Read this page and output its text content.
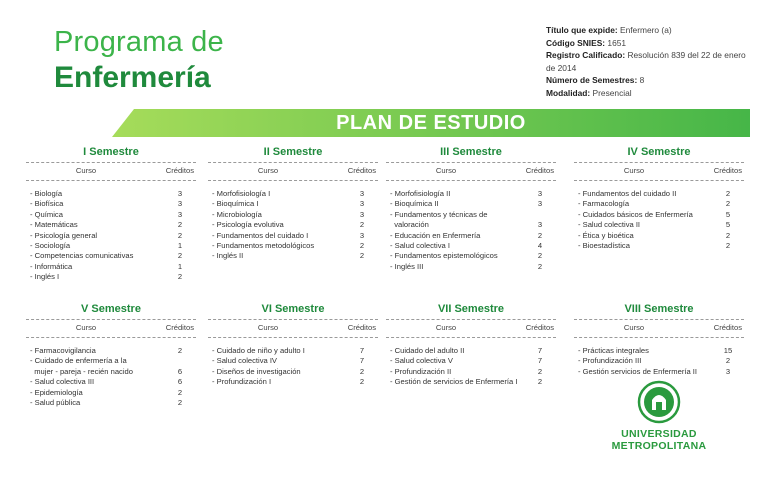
Programa de
Enfermería
Título que expide: Enfermero (a)
Código SNIES: 1651
Registro Calificado: Resolución 839 del 22 de enero de 2014
Número de Semestres: 8
Modalidad: Presencial
PLAN DE ESTUDIO
I Semestre
Curso	Créditos
- Biología	3
- Biofísica	3
- Química	3
- Matemáticas	2
- Psicología general	2
- Sociología	1
- Competencias comunicativas	2
- Informática	1
- Inglés I	2
II Semestre
Curso	Créditos
- Morfofisiología I	3
- Bioquímica I	3
- Microbiología	3
- Psicología evolutiva	2
- Fundamentos del cuidado I	3
- Fundamentos metodológicos	2
- Inglés II	2
III Semestre
Curso	Créditos
- Morfofisiología II	3
- Bioquímica II	3
- Fundamentos y técnicas de
valoración	3
- Educación en Enfermería	2
- Salud colectiva I	4
- Fundamentos epistemológicos	2
- Inglés III	2
IV Semestre
Curso	Créditos
- Fundamentos del cuidado II	2
- Farmacología	2
- Cuidados básicos de Enfermería	5
- Salud colectiva II	5
- Ética y bioética	2
- Bioestadística	2
V Semestre
Curso	Créditos
- Farmacovigilancia	2
- Cuidado de enfermería a la
mujer - pareja - recién nacido	6
- Salud colectiva III	6
- Epidemiología	2
- Salud pública	2
VI Semestre
Curso	Créditos
- Cuidado de niño y adulto I	7
- Salud colectiva IV	7
- Diseños de investigación	2
- Profundización I	2
VII Semestre
Curso	Créditos
- Cuidado del adulto II	7
- Salud colectiva V	7
- Profundización II	2
- Gestión de servicios de Enfermería I	2
VIII Semestre
Curso	Créditos
- Prácticas integrales	15
- Profundización III	2
- Gestión servicios de Enfermería II	3
UNIVERSIDAD
METROPOLITANA
